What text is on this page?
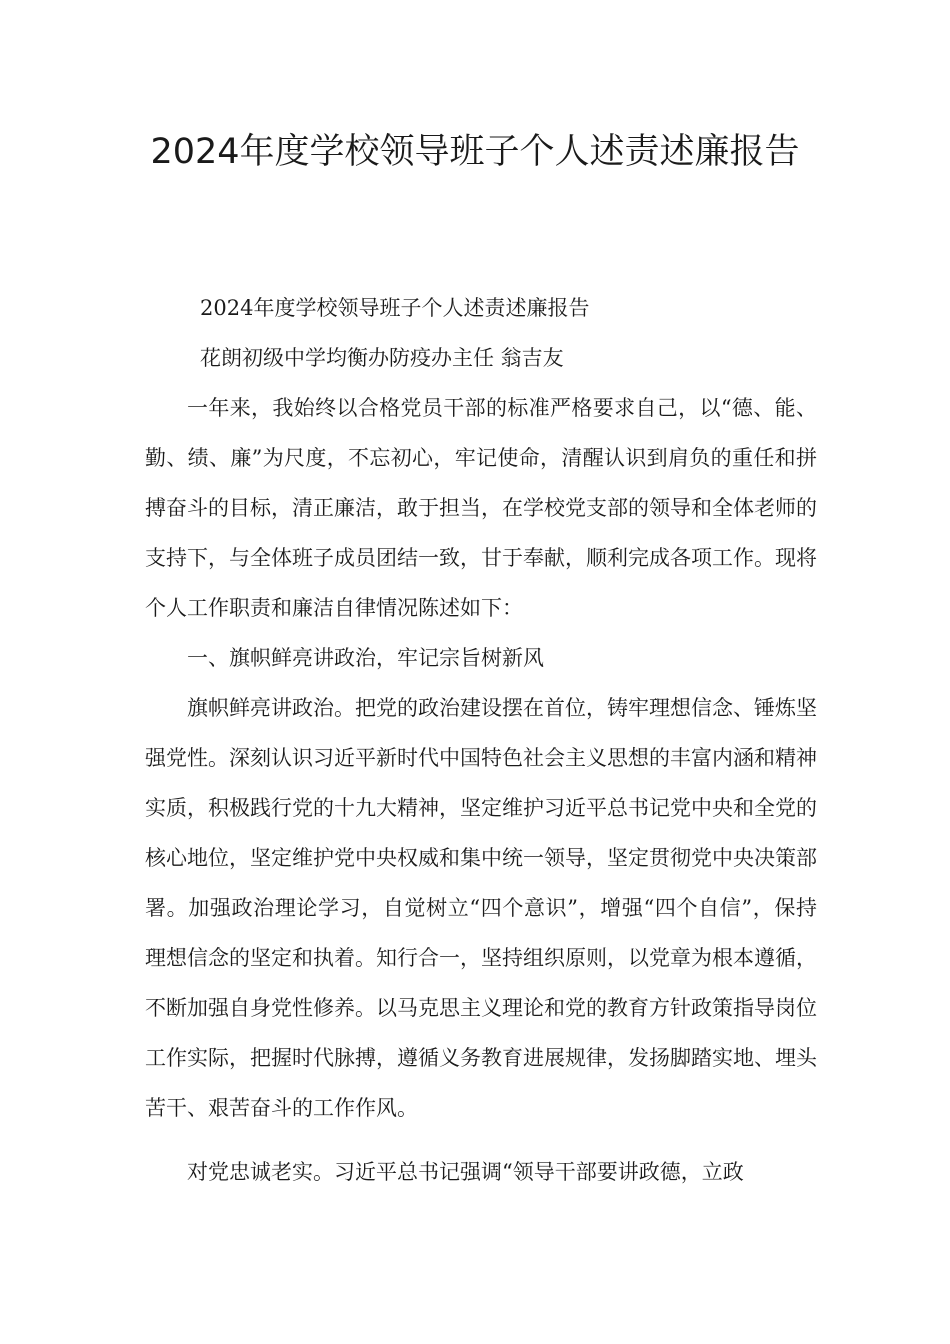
2024年度学校领导班子个人述责述廉报告

2024年度学校领导班子个人述责述廉报告

花朗初级中学均衡办防疫办主任 翁吉友

一年来，我始终以合格党员干部的标准严格要求自己，以“德、能、勤、绩、廉”为尺度，不忘初心，牢记使命，清醒认识到肩负的重任和拼搏奋斗的目标，清正廉洁，敢于担当，在学校党支部的领导和全体老师的支持下，与全体班子成员团结一致，甘于奉献，顺利完成各项工作。现将个人工作职责和廉洁自律情况陈述如下：

一、旗帜鲜亮讲政治，牢记宗旨树新风

旗帜鲜亮讲政治。把党的政治建设摆在首位，铸牢理想信念、锤炼坚强党性。深刻认识习近平新时代中国特色社会主义思想的丰富内涵和精神实质，积极践行党的十九大精神，坚定维护习近平总书记党中央和全党的核心地位，坚定维护党中央权威和集中统一领导，坚定贯彻党中央决策部署。加强政治理论学习，自觉树立“四个意识”，增强“四个自信”，保持理想信念的坚定和执着。知行合一，坚持组织原则，以党章为根本遵循，不断加强自身党性修养。以马克思主义理论和党的教育方针政策指导岗位工作实际，把握时代脉搏，遵循义务教育进展规律，发扬脚踏实地、埋头苦干、艰苦奋斗的工作作风。

对党忠诚老实。习近平总书记强调“领导干部要讲政德，立政
